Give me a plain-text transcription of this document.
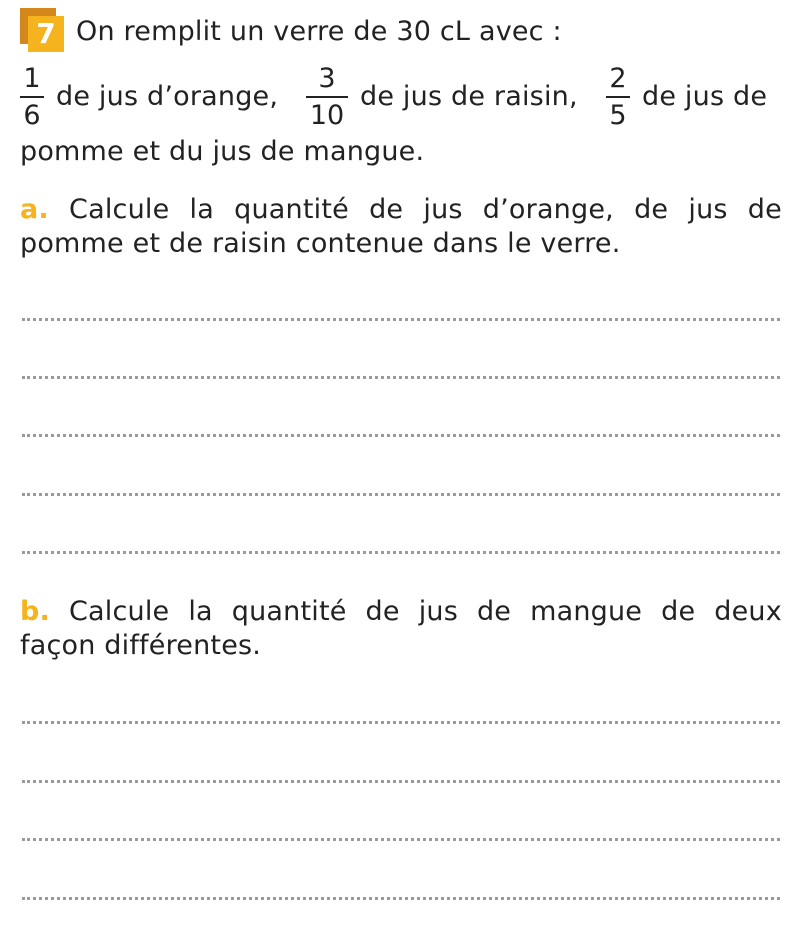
7 On remplit un verre de 30 cL avec :
1
6
de jus d’orange,
3
10
de jus de raisin,
2
5
de jus de
pomme et du jus de mangue.
a. Calcule la quantité de jus d’orange, de jus de
pomme et de raisin contenue dans le verre.
b. Calcule la quantité de jus de mangue de deux
façon différentes.
